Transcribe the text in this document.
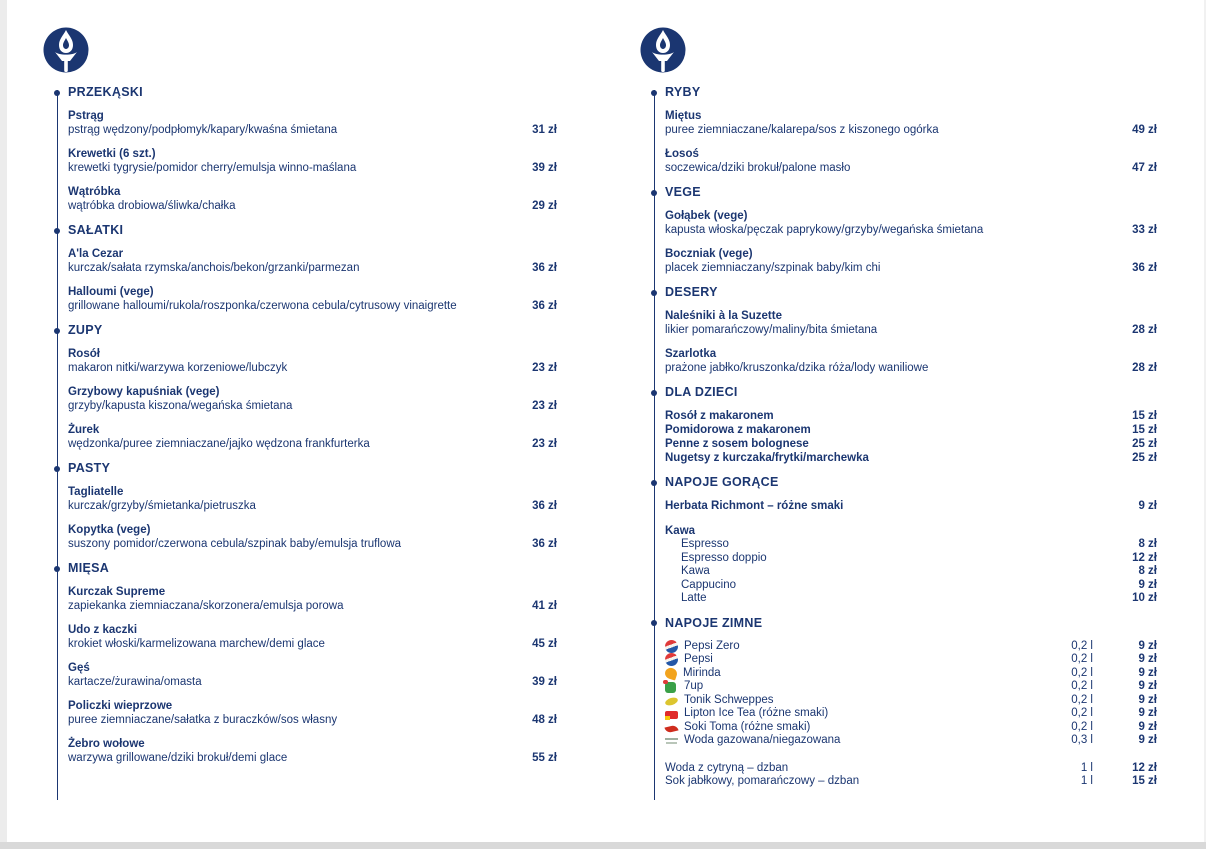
PRZEKĄSKI
Pstrąg
pstrąg wędzony/podpłomyk/kapary/kwaśna śmietana	31 zł
Krewetki (6 szt.)
krewetki tygrysie/pomidor cherry/emulsja winno-maślana	39 zł
Wątróbka
wątróbka drobiowa/śliwka/chałka	29 zł
SAŁATKI
A'la Cezar
kurczak/sałata rzymska/anchois/bekon/grzanki/parmezan	36 zł
Halloumi (vege)
grillowane halloumi/rukola/roszponka/czerwona cebula/cytrusowy vinaigrette	36 zł
ZUPY
Rosół
makaron nitki/warzywa korzeniowe/lubczyk	23 zł
Grzybowy kapuśniak (vege)
grzyby/kapusta kiszona/wegańska śmietana	23 zł
Żurek
wędzonka/puree ziemniaczane/jajko wędzona frankfurterka	23 zł
PASTY
Tagliatelle
kurczak/grzyby/śmietanka/pietruszka	36 zł
Kopytka (vege)
suszony pomidor/czerwona cebula/szpinak baby/emulsja truflowa	36 zł
MIĘSA
Kurczak Supreme
zapiekanka ziemniaczana/skorzonera/emulsja porowa	41 zł
Udo z kaczki
krokiet włoski/karmelizowana marchew/demi glace	45 zł
Gęś
kartacze/żurawina/omasta	39 zł
Policzki wieprzowe
puree ziemniaczane/sałatka z buraczków/sos własny	48 zł
Żebro wołowe
warzywa grillowane/dziki brokuł/demi glace	55 zł
RYBY
Miętus
puree ziemniaczane/kalarepa/sos z kiszonego ogórka	49 zł
Łosoś
soczewica/dziki brokuł/palone masło	47 zł
VEGE
Gołąbek (vege)
kapusta włoska/pęczak paprykowy/grzyby/wegańska śmietana	33 zł
Boczniak (vege)
placek ziemniaczany/szpinak baby/kim chi	36 zł
DESERY
Naleśniki à la Suzette
likier pomarańczowy/maliny/bita śmietana	28 zł
Szarlotka
prażone jabłko/kruszonka/dzika róża/lody waniliowe	28 zł
DLA DZIECI
Rosół z makaronem	15 zł
Pomidorowa z makaronem	15 zł
Penne z sosem bolognese	25 zł
Nugetsy z kurczaka/frytki/marchewka	25 zł
NAPOJE GORĄCE
Herbata Richmont – różne smaki	9 zł
Kawa
Espresso	8 zł
Espresso doppio	12 zł
Kawa	8 zł
Cappucino	9 zł
Latte	10 zł
NAPOJE ZIMNE
Pepsi Zero	0,2 l	9 zł
Pepsi	0,2 l	9 zł
Mirinda	0,2 l	9 zł
7up	0,2 l	9 zł
Tonik Schweppes	0,2 l	9 zł
Lipton Ice Tea (różne smaki)	0,2 l	9 zł
Soki Toma (różne smaki)	0,2 l	9 zł
Woda gazowana/niegazowana	0,3 l	9 zł
Woda z cytryną – dzban	1 l	12 zł
Sok jabłkowy, pomarańczowy – dzban	1 l	15 zł
